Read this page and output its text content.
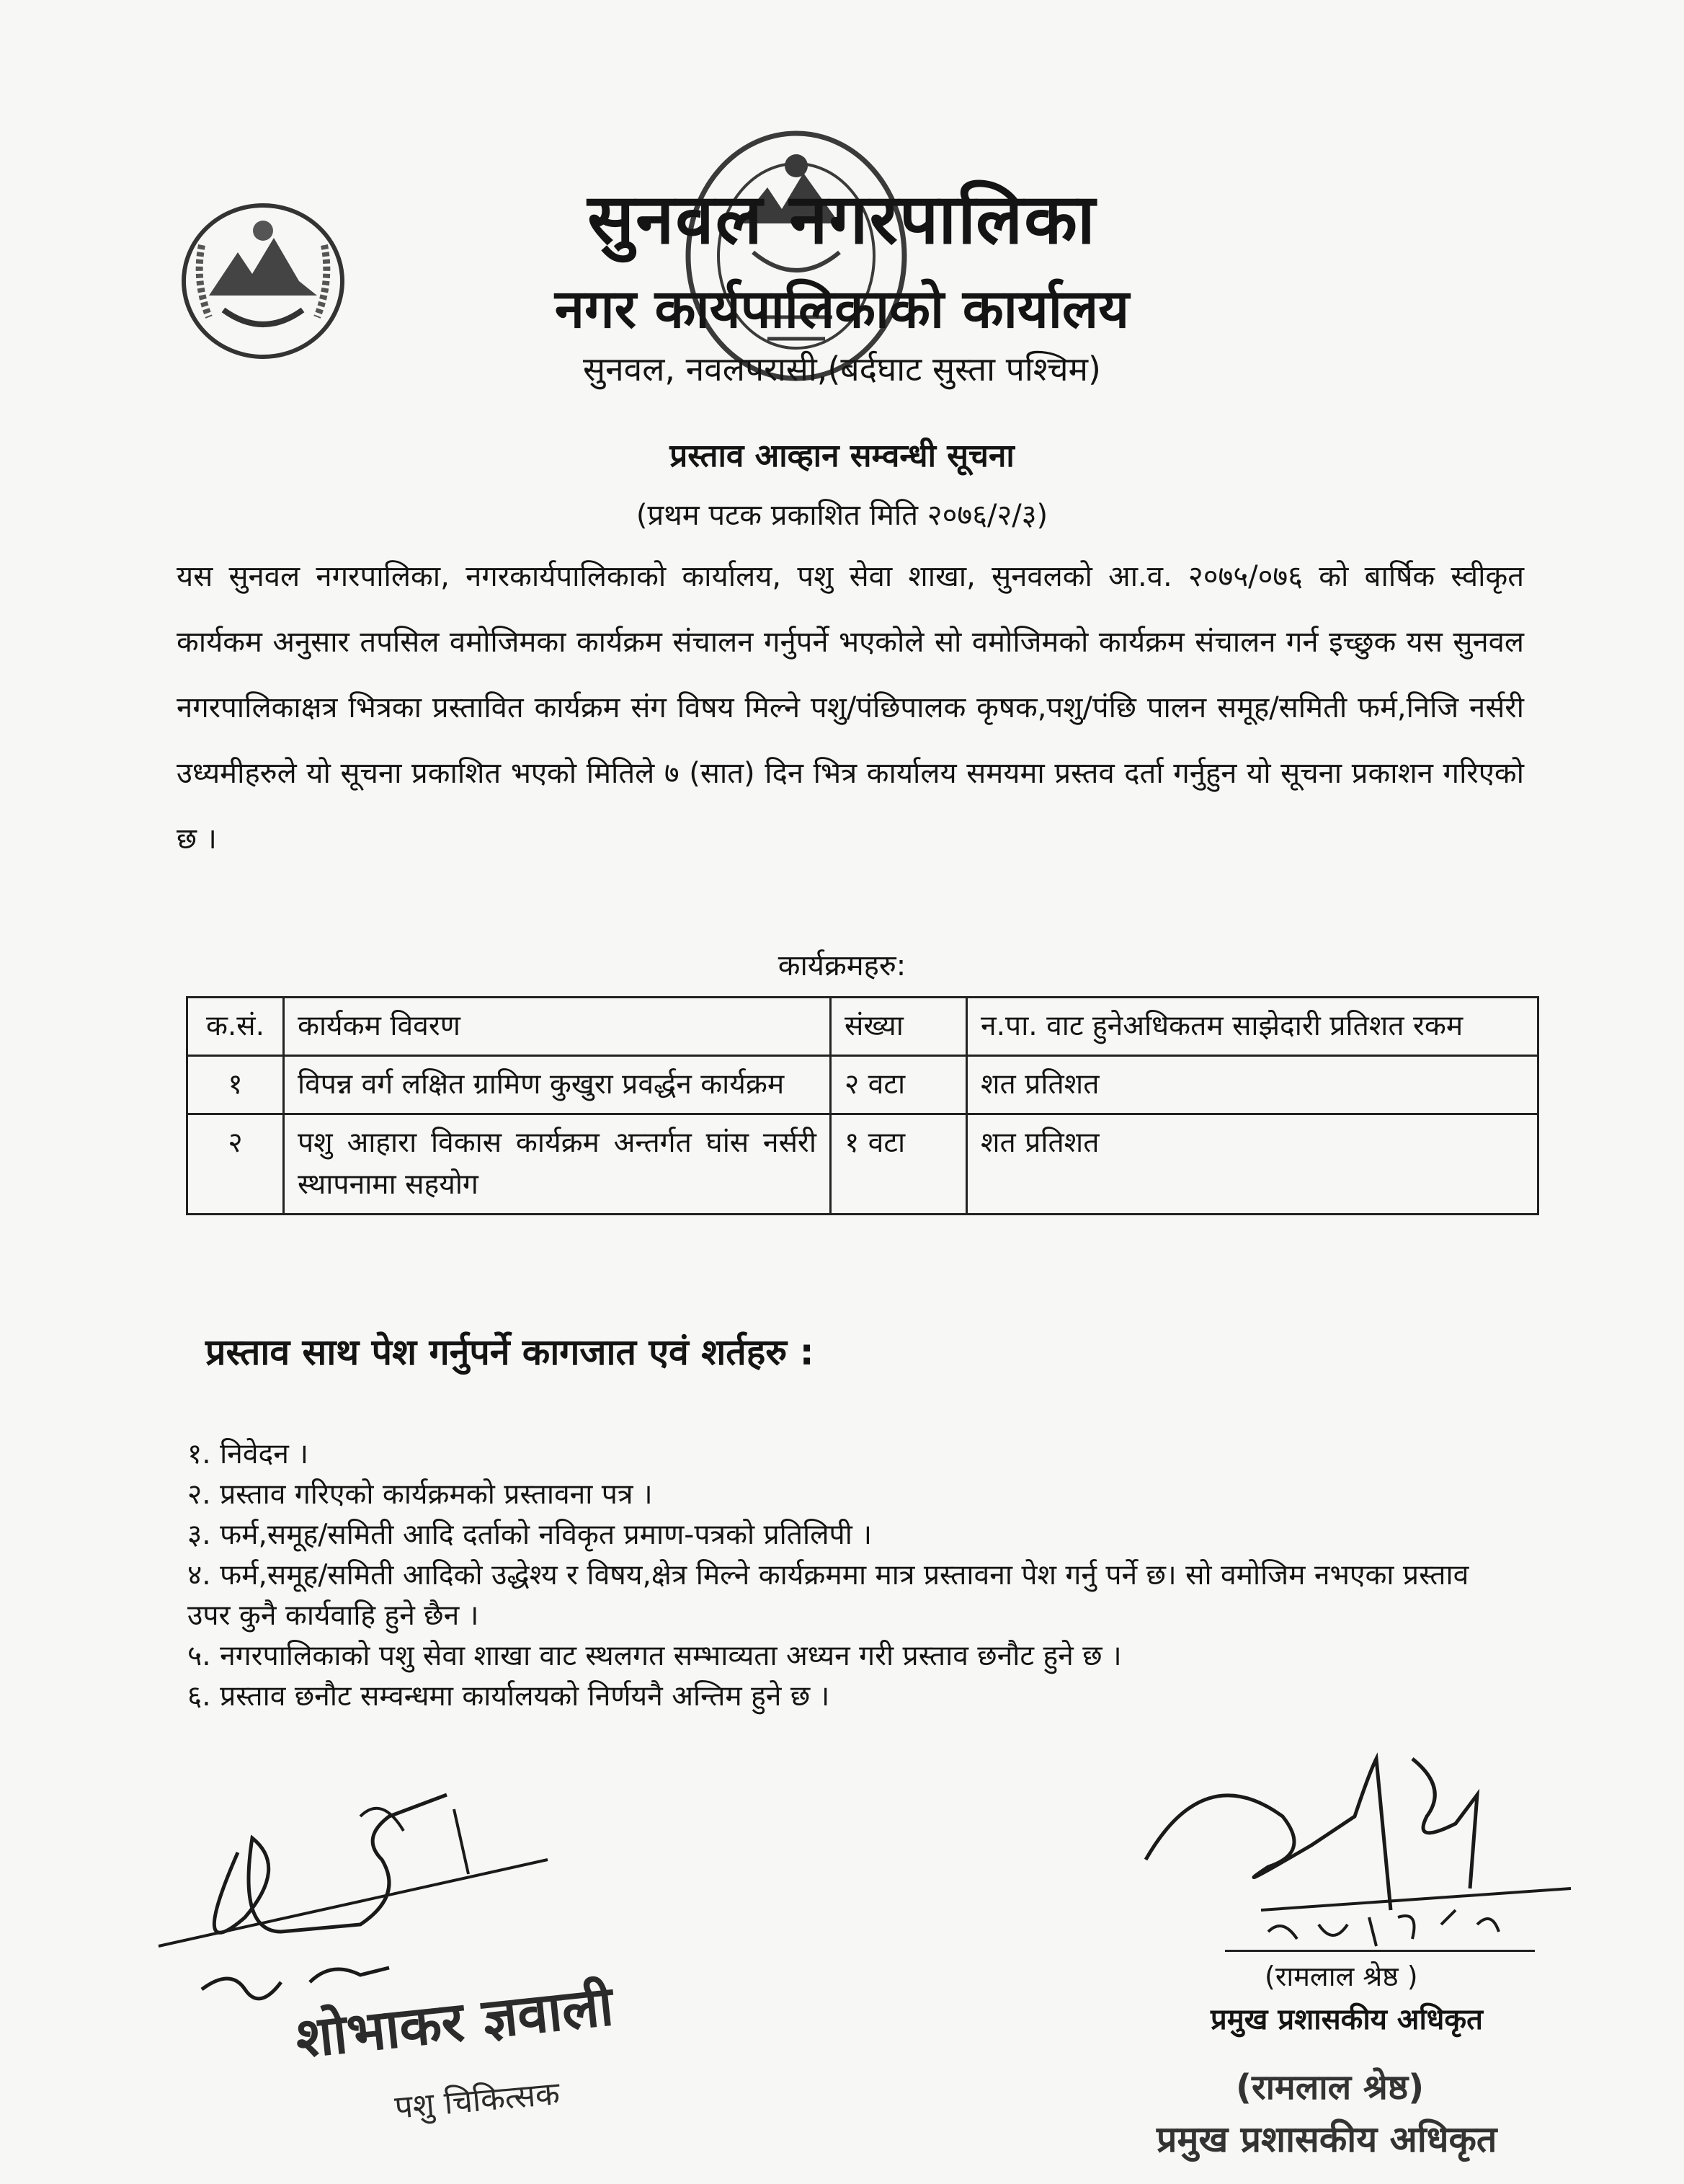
सुनवल नगरपालिका
नगर कार्यपालिकाको कार्यालय
सुनवल, नवलपरासी,(बर्दघाट सुस्ता पश्चिम)
प्रस्ताव आव्हान सम्वन्धी सूचना
(प्रथम पटक प्रकाशित मिति २०७६/२/३)
यस सुनवल नगरपालिका, नगरकार्यपालिकाको कार्यालय, पशु सेवा शाखा, सुनवलको आ.व. २०७५/०७६ को बार्षिक स्वीकृत कार्यकम अनुसार तपसिल वमोजिमका कार्यक्रम संचालन गर्नुपर्ने भएकोले सो वमोजिमको कार्यक्रम संचालन गर्न इच्छुक यस सुनवल नगरपालिकाक्षत्र भित्रका प्रस्तावित कार्यक्रम संग विषय मिल्ने पशु/पंछिपालक कृषक,पशु/पंछि पालन समूह/समिती फर्म,निजि नर्सरी उध्यमीहरुले यो सूचना प्रकाशित भएको मितिले ७ (सात) दिन भित्र कार्यालय समयमा प्रस्तव दर्ता गर्नुहुन यो सूचना प्रकाशन गरिएको छ ।
कार्यक्रमहरु:
क.सं.	कार्यकम विवरण	संख्या	न.पा. वाट हुनेअधिकतम साझेदारी प्रतिशत रकम
१	विपन्न वर्ग लक्षित ग्रामिण कुखुरा प्रवर्द्धन कार्यक्रम	२ वटा	शत प्रतिशत
२	पशु आहारा विकास कार्यक्रम अन्तर्गत घांस नर्सरी स्थापनामा सहयोग	१ वटा	शत प्रतिशत
प्रस्ताव साथ पेश गर्नुपर्ने कागजात एवं शर्तहरु :
१. निवेदन ।
२. प्रस्ताव गरिएको कार्यक्रमको प्रस्तावना पत्र ।
३. फर्म,समूह/समिती आदि दर्ताको नविकृत प्रमाण-पत्रको प्रतिलिपी ।
४. फर्म,समूह/समिती आदिको उद्धेश्य र विषय,क्षेत्र मिल्ने कार्यक्रममा मात्र प्रस्तावना पेश गर्नु पर्ने छ। सो वमोजिम नभएका प्रस्ताव उपर कुनै कार्यवाहि हुने छैन ।
५. नगरपालिकाको पशु सेवा शाखा वाट स्थलगत सम्भाव्यता अध्यन गरी प्रस्ताव छनौट हुने छ ।
६. प्रस्ताव छनौट सम्वन्धमा कार्यालयको निर्णयनै अन्तिम हुने छ ।
(रामलाल श्रेष्ठ )
प्रमुख प्रशासकीय अधिकृत
(रामलाल श्रेष्ठ)
प्रमुख प्रशासकीय अधिकृत
शोभाकर ज्ञवाली
पशु चिकित्सक
